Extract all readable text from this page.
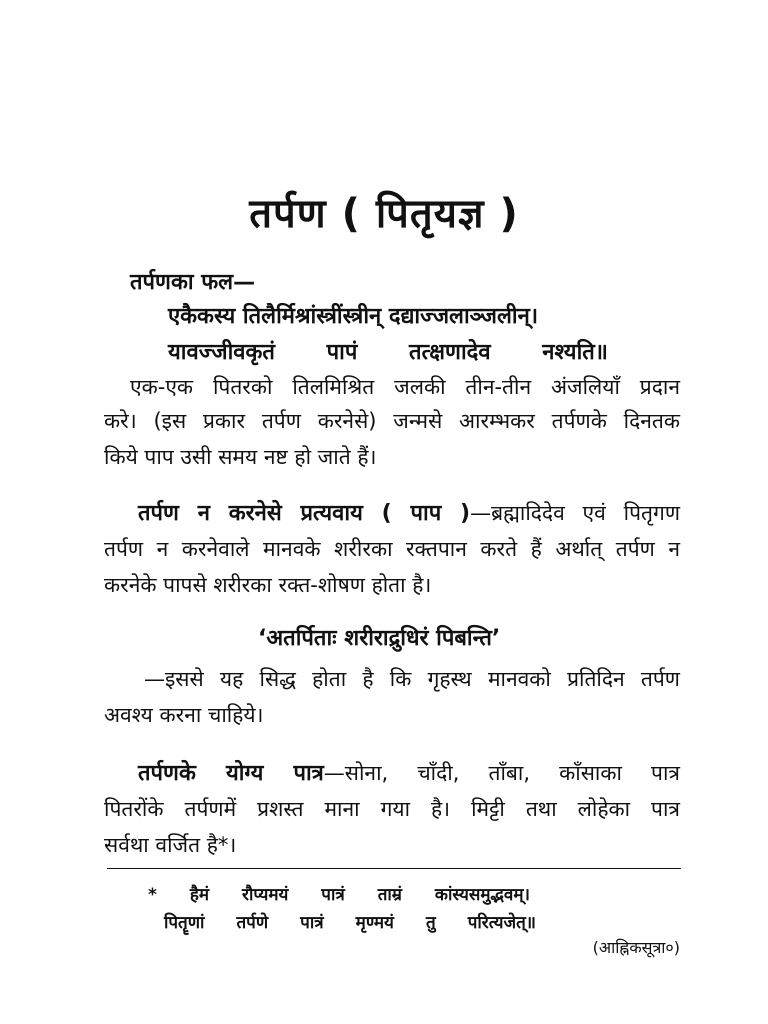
तर्पण ( पितृयज्ञ )
तर्पणका फल—
एकैकस्य तिलैर्मिश्रांस्त्रींस्त्रीन् दद्याज्जलाञ्जलीन्।
यावज्जीवकृतं पापं तत्क्षणादेव नश्यति॥
एक-एक पितरको तिलमिश्रित जलकी तीन-तीन अंजलियाँ प्रदान
करे। (इस प्रकार तर्पण करनेसे) जन्मसे आरम्भकर तर्पणके दिनतक
किये पाप उसी समय नष्ट हो जाते हैं।
तर्पण न करनेसे प्रत्यवाय ( पाप )—ब्रह्मादिदेव एवं पितृगण
तर्पण न करनेवाले मानवके शरीरका रक्तपान करते हैं अर्थात् तर्पण न
करनेके पापसे शरीरका रक्त-शोषण होता है।
‘अतर्पिताः शरीराद्रुधिरं पिबन्ति’
—इससे यह सिद्ध होता है कि गृहस्थ मानवको प्रतिदिन तर्पण
अवश्य करना चाहिये।
तर्पणके योग्य पात्र—सोना, चाँदी, ताँबा, काँसाका पात्र
पितरोंके तर्पणमें प्रशस्त माना गया है। मिट्टी तथा लोहेका पात्र
सर्वथा वर्जित है*।
* हैमं रौप्यमयं पात्रं ताम्रं कांस्यसमुद्भवम्।
पितॄणां तर्पणे पात्रं मृण्मयं तु परित्यजेत्॥
(आह्निकसूत्रा०)
